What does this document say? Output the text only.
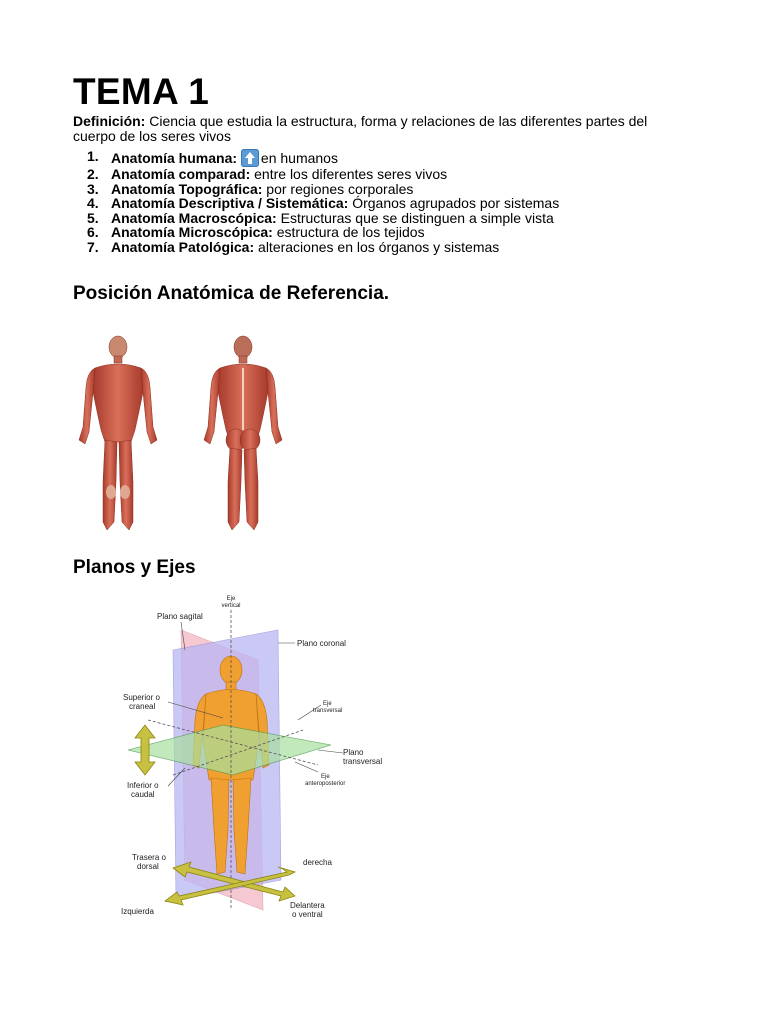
TEMA 1
Definición: Ciencia que estudia la estructura, forma y relaciones de las diferentes partes del cuerpo de los seres vivos
1. Anatomía humana: en humanos
2. Anatomía comparad: entre los diferentes seres vivos
3. Anatomía Topográfica: por regiones corporales
4. Anatomía Descriptiva / Sistemática: Órganos agrupados por sistemas
5. Anatomía Macroscópica: Estructuras que se distinguen a simple vista
6. Anatomía Microscópica: estructura de los tejidos
7. Anatomía Patológica: alteraciones en los órganos y sistemas
Posición Anatómica de Referencia.
Planos y Ejes
Eje
vertical
Plano sagital
Plano coronal
Superior o
craneal	Eje
transversal
Plano
transversal
Eje
anteroposterior
Inferior o
caudal
Trasera o
dorsal	derecha
Izquierda
Delantera
o ventral
